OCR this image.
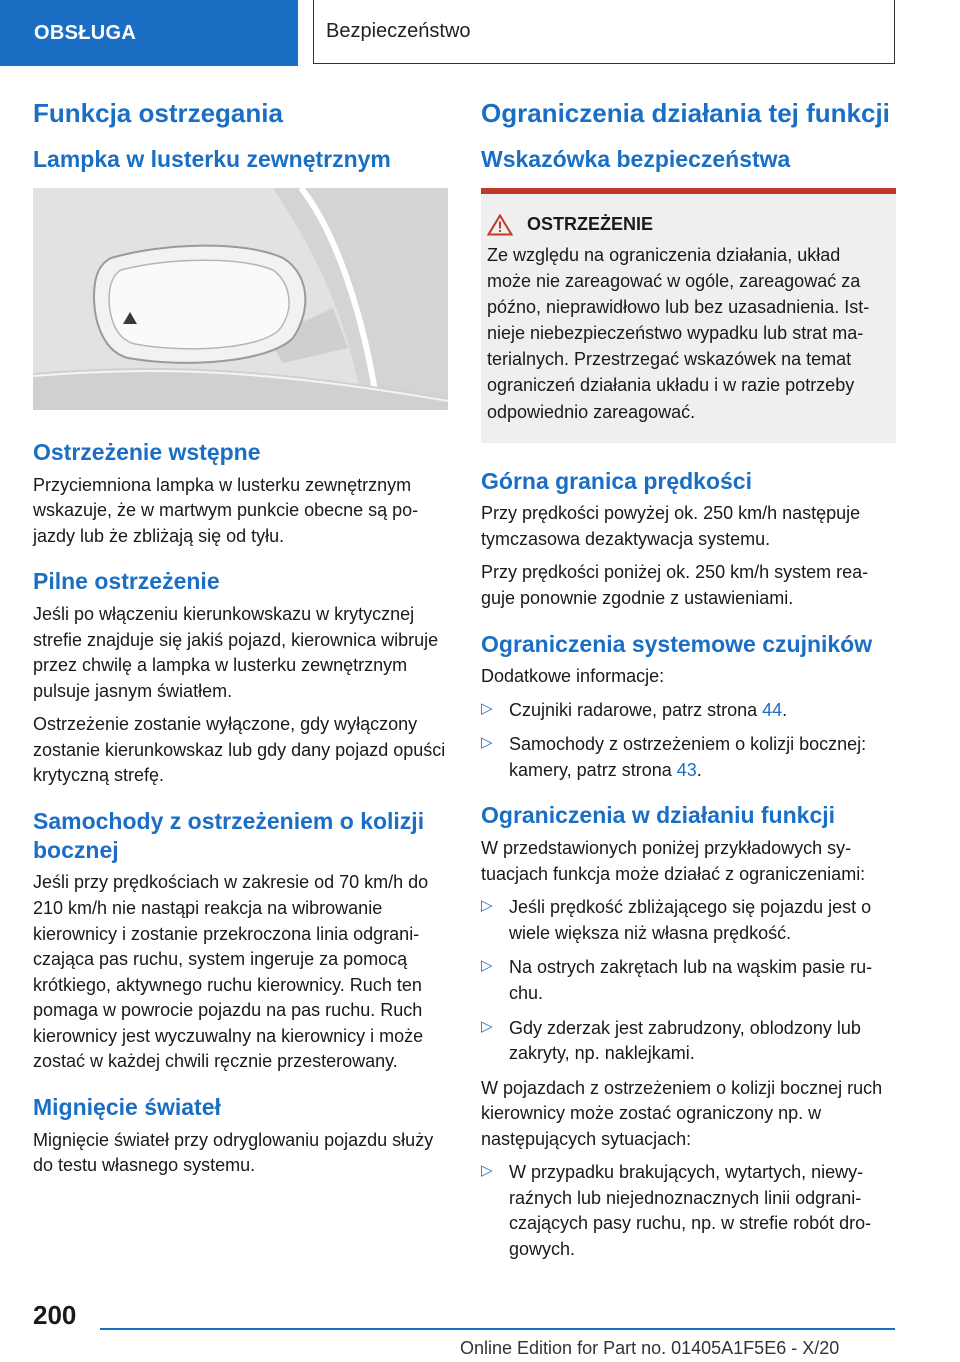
OBSŁUGA	Bezpieczeństwo
Funkcja ostrzegania
Lampka w lusterku zewnętrznym
Ostrzeżenie wstępne

Przyciemniona lampka w lusterku zewnętrznym wskazuje, że w martwym punkcie obecne są pojazdy lub że zbliżają się od tyłu.

Pilne ostrzeżenie

Jeśli po włączeniu kierunkowskazu w krytycznej strefie znajduje się jakiś pojazd, kierownica wibruje przez chwilę a lampka w lusterku zewnętrznym pulsuje jasnym światłem.

Ostrzeżenie zostanie wyłączone, gdy wyłączony zostanie kierunkowskaz lub gdy dany pojazd opuści krytyczną strefę.

Samochody z ostrzeżeniem o kolizji bocznej

Jeśli przy prędkościach w zakresie od 70 km/h do 210 km/h nie nastąpi reakcja na wibrowanie kierownicy i zostanie przekroczona linia odgraniczająca pas ruchu, system ingeruje za pomocą krótkiego, aktywnego ruchu kierownicy. Ruch ten pomaga w powrocie pojazdu na pas ruchu. Ruch kierownicy jest wyczuwalny na kierownicy i może zostać w każdej chwili ręcznie przesterowany.

Mignięcie świateł

Mignięcie świateł przy odryglowaniu pojazdu służy do testu własnego systemu.

Ograniczenia działania tej funkcji
Wskazówka bezpieczeństwa
OSTRZEŻENIE

Ze względu na ograniczenia działania, układ może nie zareagować w ogóle, zareagować za późno, nieprawidłowo lub bez uzasadnienia. Istnieje niebezpieczeństwo wypadku lub strat materialnych. Przestrzegać wskazówek na temat ograniczeń działania układu i w razie potrzeby odpowiednio zareagować.

Górna granica prędkości

Przy prędkości powyżej ok. 250 km/h następuje tymczasowa dezaktywacja systemu.

Przy prędkości poniżej ok. 250 km/h system reaguje ponownie zgodnie z ustawieniami.

Ograniczenia systemowe czujników

Dodatkowe informacje:

▷ Czujniki radarowe, patrz strona 44.
▷ Samochody z ostrzeżeniem o kolizji bocznej: kamery, patrz strona 43.
Ograniczenia w działaniu funkcji

W przedstawionych poniżej przykładowych sytuacjach funkcja może działać z ograniczeniami:

▷ Jeśli prędkość zbliżającego się pojazdu jest o wiele większa niż własna prędkość.
▷ Na ostrych zakrętach lub na wąskim pasie ruchu.
▷ Gdy zderzak jest zabrudzony, oblodzony lub zakryty, np. naklejkami.

W pojazdach z ostrzeżeniem o kolizji bocznej ruch kierownicy może zostać ograniczony np. w następujących sytuacjach:

▷ W przypadku brakujących, wytartych, niewyraźnych lub niejednoznacznych linii odgraniczających pasy ruchu, np. w strefie robót drogowych.
200
Online Edition for Part no. 01405A1F5E6 - X/20
